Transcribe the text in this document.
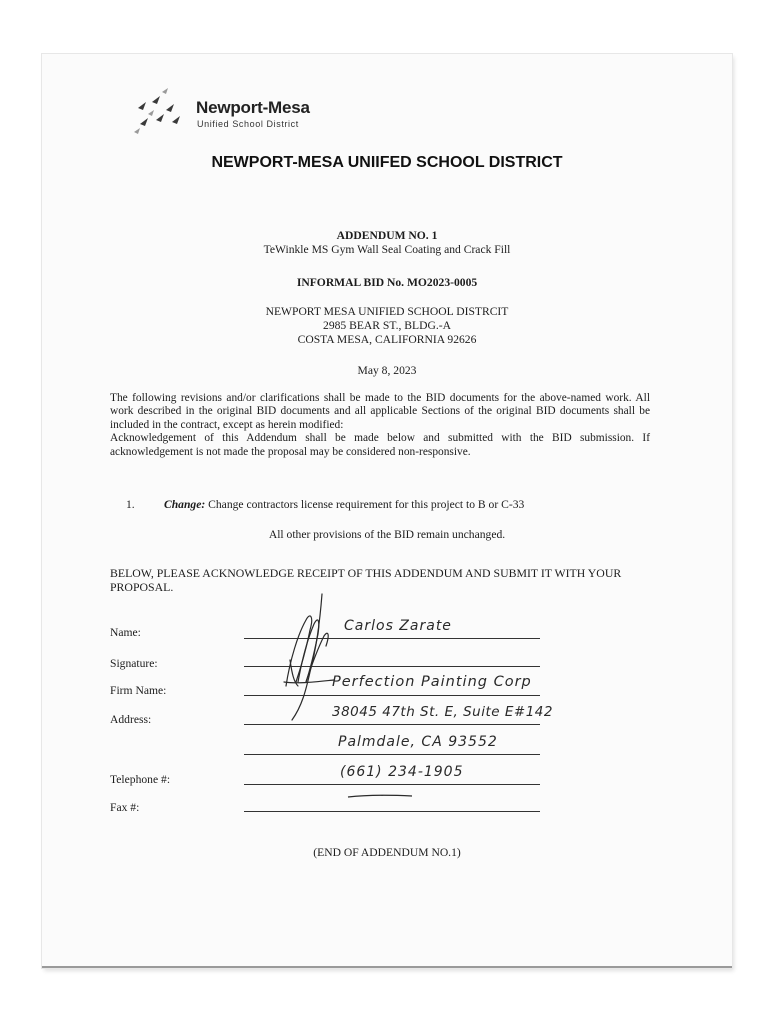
Newport-Mesa
Unified School District
NEWPORT-MESA UNIIFED SCHOOL DISTRICT
ADDENDUM NO. 1
TeWinkle MS Gym Wall Seal Coating and Crack Fill
INFORMAL BID No. MO2023-0005
NEWPORT MESA UNIFIED SCHOOL DISTRCIT
2985 BEAR ST., BLDG.-A
COSTA MESA, CALIFORNIA 92626
May 8, 2023

The following revisions and/or clarifications shall be made to the BID documents for the above-named work. All work described in the original BID documents and all applicable Sections of the original BID documents shall be included in the contract, except as herein modified:

Acknowledgement of this Addendum shall be made below and submitted with the BID submission. If acknowledgement is not made the proposal may be considered non-responsive.

1.	Change: Change contractors license requirement for this project to B or C-33
All other provisions of the BID remain unchanged.
BELOW, PLEASE ACKNOWLEDGE RECEIPT OF THIS ADDENDUM AND SUBMIT IT WITH YOUR PROPOSAL.
Name:
Signature:
Firm Name:
Address:
Telephone #:
Fax #:
Carlos Zarate
Perfection Painting Corp
38045 47th St. E, Suite E#142
Palmdale, CA 93552
(661) 234-1905
(END OF ADDENDUM NO.1)
